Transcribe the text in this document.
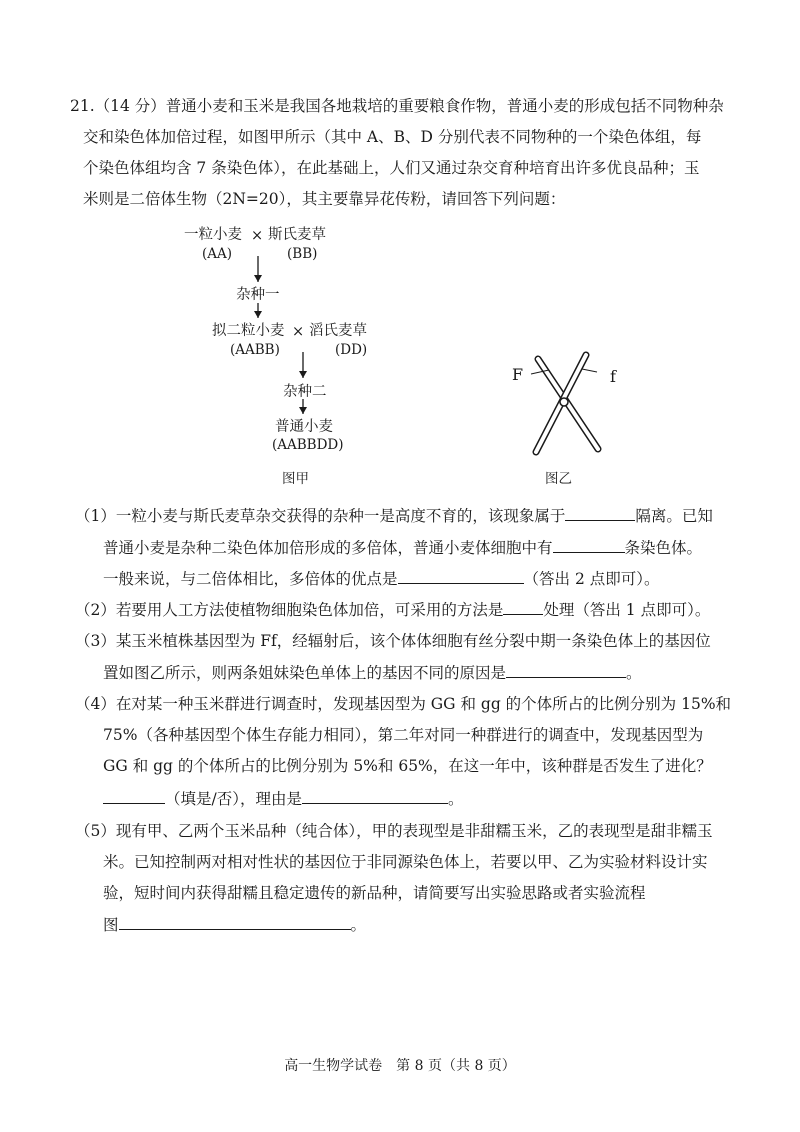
21.（14 分）普通小麦和玉米是我国各地栽培的重要粮食作物，普通小麦的形成包括不同物种杂
交和染色体加倍过程，如图甲所示（其中 A、B、D 分别代表不同物种的一个染色体组，每
个染色体组均含 7 条染色体），在此基础上，人们又通过杂交育种培育出许多优良品种；玉
米则是二倍体生物（2N=20），其主要靠异花传粉，请回答下列问题：
一粒小麦 × 斯氏麦草
(AA)	(BB)
杂种一
拟二粒小麦 × 滔氏麦草
(AABB)	(DD)
杂种二
普通小麦
(AABBDD)
图甲
F	f
图乙
（1）一粒小麦与斯氏麦草杂交获得的杂种一是高度不育的，该现象属于	隔离。已知
普通小麦是杂种二染色体加倍形成的多倍体，普通小麦体细胞中有	条染色体。
一般来说，与二倍体相比，多倍体的优点是	（答出 2 点即可）。
（2）若要用人工方法使植物细胞染色体加倍，可采用的方法是	处理（答出 1 点即可）。
（3）某玉米植株基因型为 Ff，经辐射后，该个体体细胞有丝分裂中期一条染色体上的基因位
置如图乙所示，则两条姐妹染色单体上的基因不同的原因是	。
（4）在对某一种玉米群进行调查时，发现基因型为 GG 和 gg 的个体所占的比例分别为 15%和
75%（各种基因型个体生存能力相同），第二年对同一种群进行的调查中，发现基因型为
GG 和 gg 的个体所占的比例分别为 5%和 65%，在这一年中，该种群是否发生了进化？
（填是/否），理由是	。
（5）现有甲、乙两个玉米品种（纯合体），甲的表现型是非甜糯玉米，乙的表现型是甜非糯玉
米。已知控制两对相对性状的基因位于非同源染色体上，若要以甲、乙为实验材料设计实
验，短时间内获得甜糯且稳定遗传的新品种，请简要写出实验思路或者实验流程
图	。
高一生物学试卷　第 8 页（共 8 页）
